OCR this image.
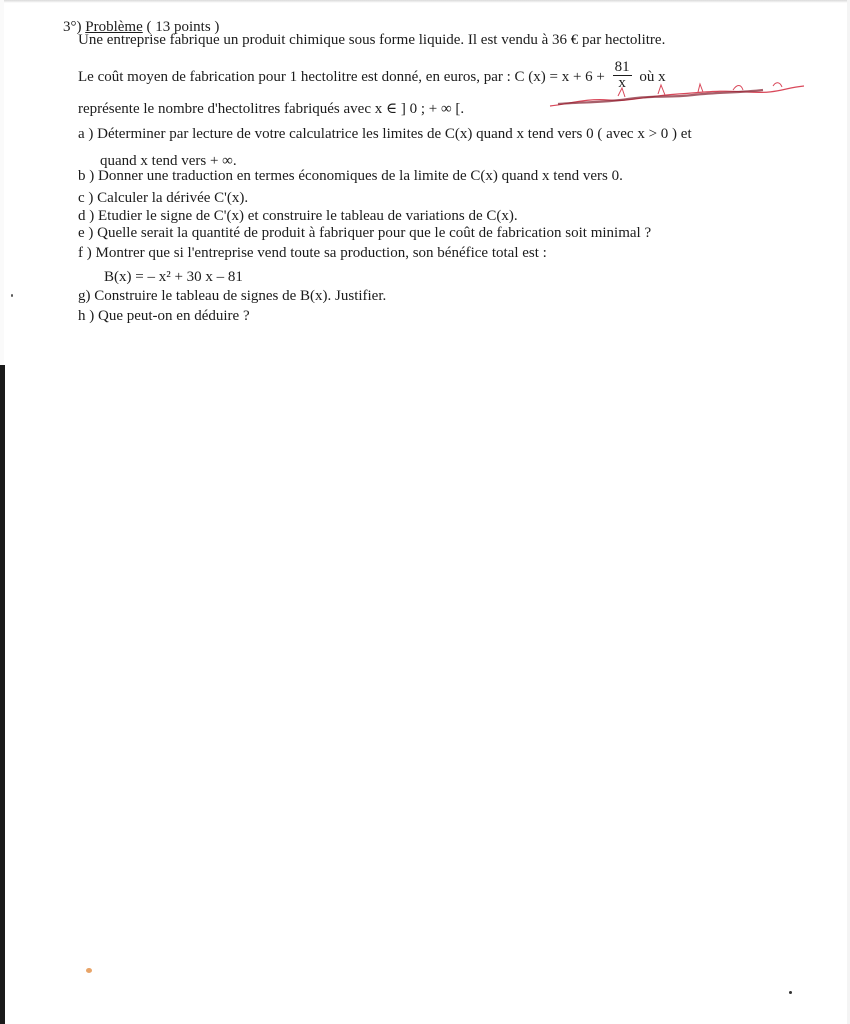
3°) Problème ( 13 points )
Une entreprise fabrique un produit chimique sous forme liquide. Il est vendu à 36 € par hectolitre.
Le coût moyen de fabrication pour 1 hectolitre est donné, en euros, par : C $(x) = x + 6 + \frac{81}{x}$ où x
représente le nombre d'hectolitres fabriqués avec x ∈ ] 0 ; + ∞ [.
a ) Déterminer par lecture de votre calculatrice les limites de C(x) quand x tend vers 0 ( avec x > 0 ) et
quand x tend vers + ∞.
b ) Donner une traduction en termes économiques de la limite de C(x) quand x tend vers 0.
c ) Calculer la dérivée C'(x).
d ) Etudier le signe de C'(x) et construire le tableau de variations de C(x).
e ) Quelle serait la quantité de produit à fabriquer pour que le coût de fabrication soit minimal ?
f ) Montrer que si l'entreprise vend toute sa production, son bénéfice total est :
B(x) = – x² + 30 x – 81
g) Construire le tableau de signes de B(x). Justifier.
h ) Que peut-on en déduire ?
